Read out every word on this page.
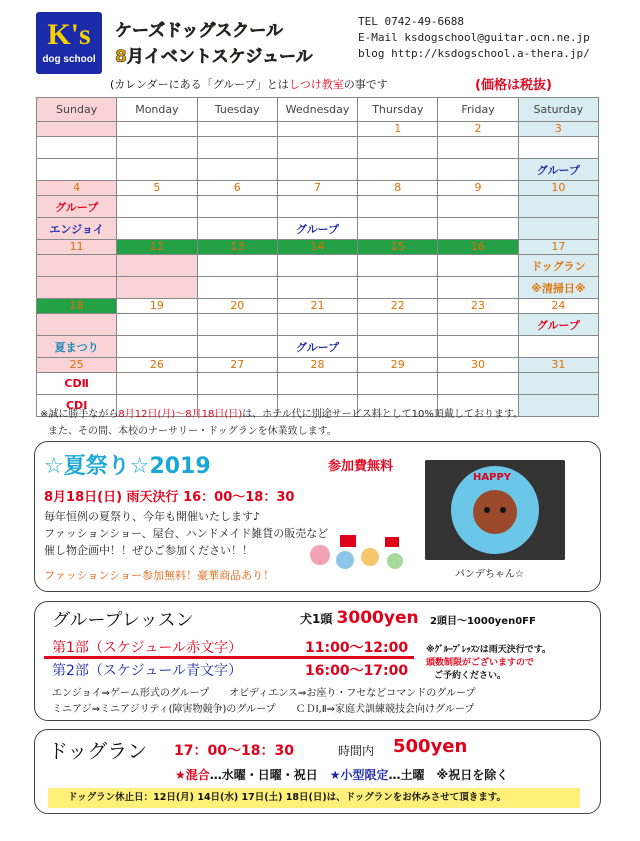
K's
dog school
ケーズドッグスクール
8月イベントスケジュール
TEL 0742-49-6688
E-Mail ksdogschool@guitar.ocn.ne.jp
blog http://ksdogschool.a-thera.jp/
(カレンダーにある「グループ」とはしつけ教室の事です	(価格は税抜)
Sunday	Monday	Tuesday	Wednesday	Thursday	Friday	Saturday
				1	2	3

						グループ
4	5	6	7	8	9	10
グループ						
エンジョイ			グループ			
11	12	13	14	15	16	17
						ドッグラン
						※清掃日※
18	19	20	21	22	23	24
						グループ
夏まつり			グループ			
25	26	27	28	29	30	31
CDⅡ						
CDⅠ						
※誠に勝手ながら8月12日(月)～8月18日(日)は、ホテル代に別途サービス料として10%頂戴しております。
また、その間、本校のナーサリー・ドッグランを休業致します。
☆夏祭り☆2019	参加費無料
8月18日(日) 雨天決行 16：00～18：30
毎年恒例の夏祭り、今年も開催いたします♪
ファッションショー、屋台、ハンドメイド雑貨の販売など
催し物企画中！！ぜひご参加ください！！
ファッションショー参加無料！豪華商品あり！
HAPPY
パンデちゃん☆
グループレッスン	犬1頭 3000yen 2頭目～1000yen0FF
第1部（スケジュール赤文字）	11:00～12:00
第2部（スケジュール青文字）	16:00～17:00
※ｸﾞﾙｰﾌﾟﾚｯｽﾝは雨天決行です。
頭数制限がございますので
ご予約ください。
エンジョイ⇒ゲーム形式のグループ　　オビディエンス⇒お座り・フセなどコマンドのグループ
ミニアジ⇒ミニアジリティ(障害物競争)のグループ　　ＣＤⅠ,Ⅱ⇒家庭犬訓練競技会向けグループ
ドッグラン 17：00～18：30	時間内 500yen
★混合…水曜・日曜・祝日　★小型限定…土曜　※祝日を除く
ドッグラン休止日：12日(月) 14日(水) 17日(土) 18日(日)は、ドッグランをお休みさせて頂きます。
